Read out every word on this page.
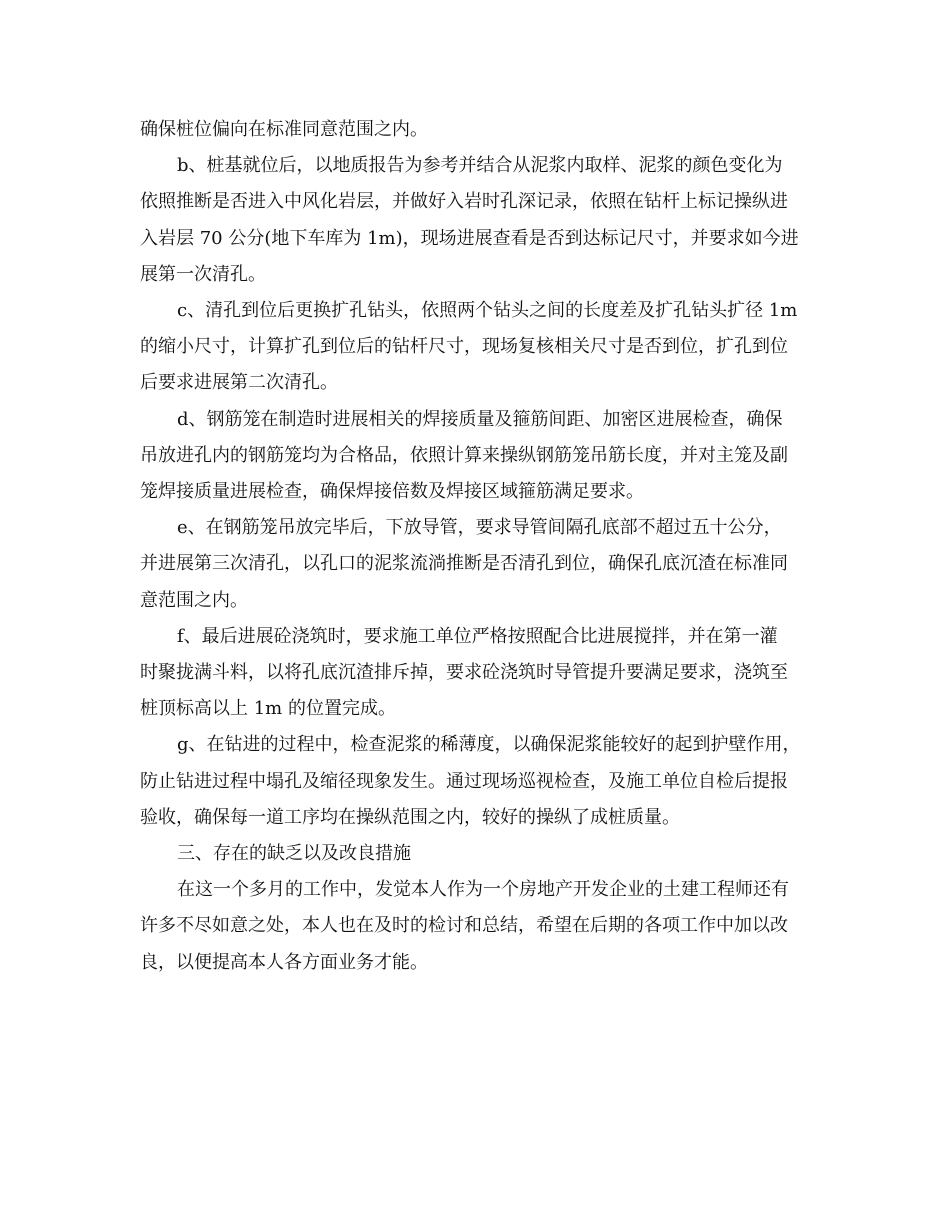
确保桩位偏向在标准同意范围之内。

b、桩基就位后，以地质报告为参考并结合从泥浆内取样、泥浆的颜色变化为
依照推断是否进入中风化岩层，并做好入岩时孔深记录，依照在钻杆上标记操纵进
入岩层 70 公分(地下车库为 1m)，现场进展查看是否到达标记尺寸，并要求如今进
展第一次清孔。

c、清孔到位后更换扩孔钻头，依照两个钻头之间的长度差及扩孔钻头扩径 1m
的缩小尺寸，计算扩孔到位后的钻杆尺寸，现场复核相关尺寸是否到位，扩孔到位
后要求进展第二次清孔。

d、钢筋笼在制造时进展相关的焊接质量及箍筋间距、加密区进展检查，确保
吊放进孔内的钢筋笼均为合格品，依照计算来操纵钢筋笼吊筋长度，并对主笼及副
笼焊接质量进展检查，确保焊接倍数及焊接区域箍筋满足要求。

e、在钢筋笼吊放完毕后，下放导管，要求导管间隔孔底部不超过五十公分，
并进展第三次清孔，以孔口的泥浆流淌推断是否清孔到位，确保孔底沉渣在标准同
意范围之内。

f、最后进展砼浇筑时，要求施工单位严格按照配合比进展搅拌，并在第一灌
时聚拢满斗料，以将孔底沉渣排斥掉，要求砼浇筑时导管提升要满足要求，浇筑至
桩顶标高以上 1m 的位置完成。

g、在钻进的过程中，检查泥浆的稀薄度，以确保泥浆能较好的起到护壁作用，
防止钻进过程中塌孔及缩径现象发生。通过现场巡视检查，及施工单位自检后提报
验收，确保每一道工序均在操纵范围之内，较好的操纵了成桩质量。

三、存在的缺乏以及改良措施

在这一个多月的工作中，发觉本人作为一个房地产开发企业的土建工程师还有
许多不尽如意之处，本人也在及时的检讨和总结，希望在后期的各项工作中加以改
良，以便提高本人各方面业务才能。
